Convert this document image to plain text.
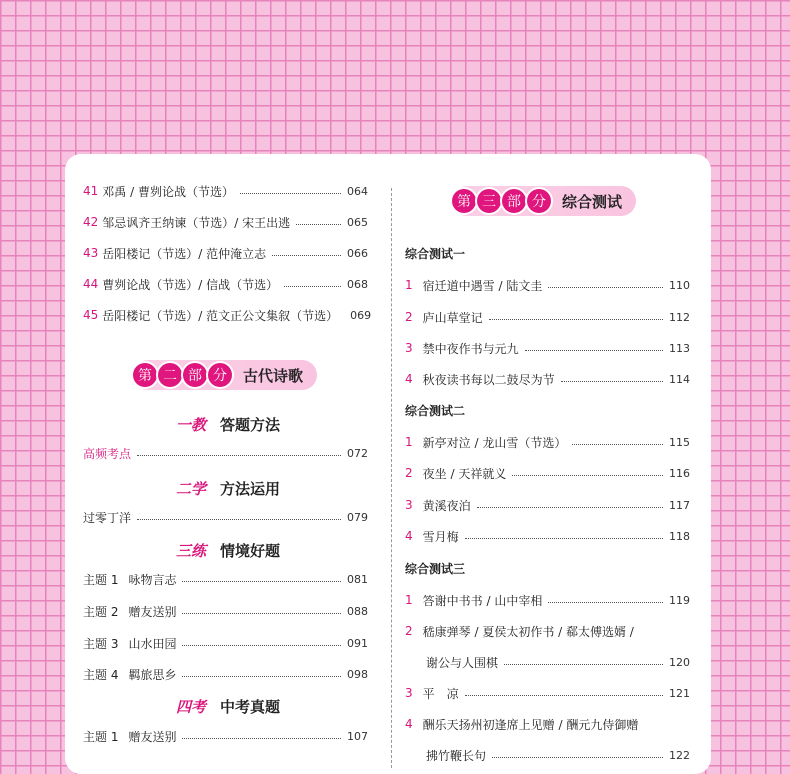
41 邓禹 / 曹刿论战（节选）	064
42 邹忌讽齐王纳谏（节选）/ 宋王出逃	065
43 岳阳楼记（节选）/ 范仲淹立志	066
44 曹刿论战（节选）/ 信战（节选）	068
45 岳阳楼记（节选）/ 范文正公文集叙（节选） 069
第 二 部 分	古代诗歌
一教 答题方法
高频考点	072
二学 方法运用
过零丁洋	079
三练 情境好题
主题 1 咏物言志	081
主题 2 赠友送别	088
主题 3 山水田园	091
主题 4 羁旅思乡	098
四考 中考真题
主题 1 赠友送别	107
第 三 部 分	综合测试
综合测试一
1 宿迁道中遇雪 / 陆文圭	110
2 庐山草堂记	112
3 禁中夜作书与元九	113
4 秋夜读书每以二鼓尽为节	114
综合测试二
1 新亭对泣 / 龙山雪（节选）	115
2 夜坐 / 天祥就义	116
3 黄溪夜泊	117
4 雪月梅	118
综合测试三
1 答谢中书书 / 山中宰相	119
2 嵇康弹琴 / 夏侯太初作书 / 郗太傅选婿 /
谢公与人围棋	120
3 平　凉	121
4 酬乐天扬州初逢席上见赠 / 酬元九侍御赠
拂竹鞭长句	122
